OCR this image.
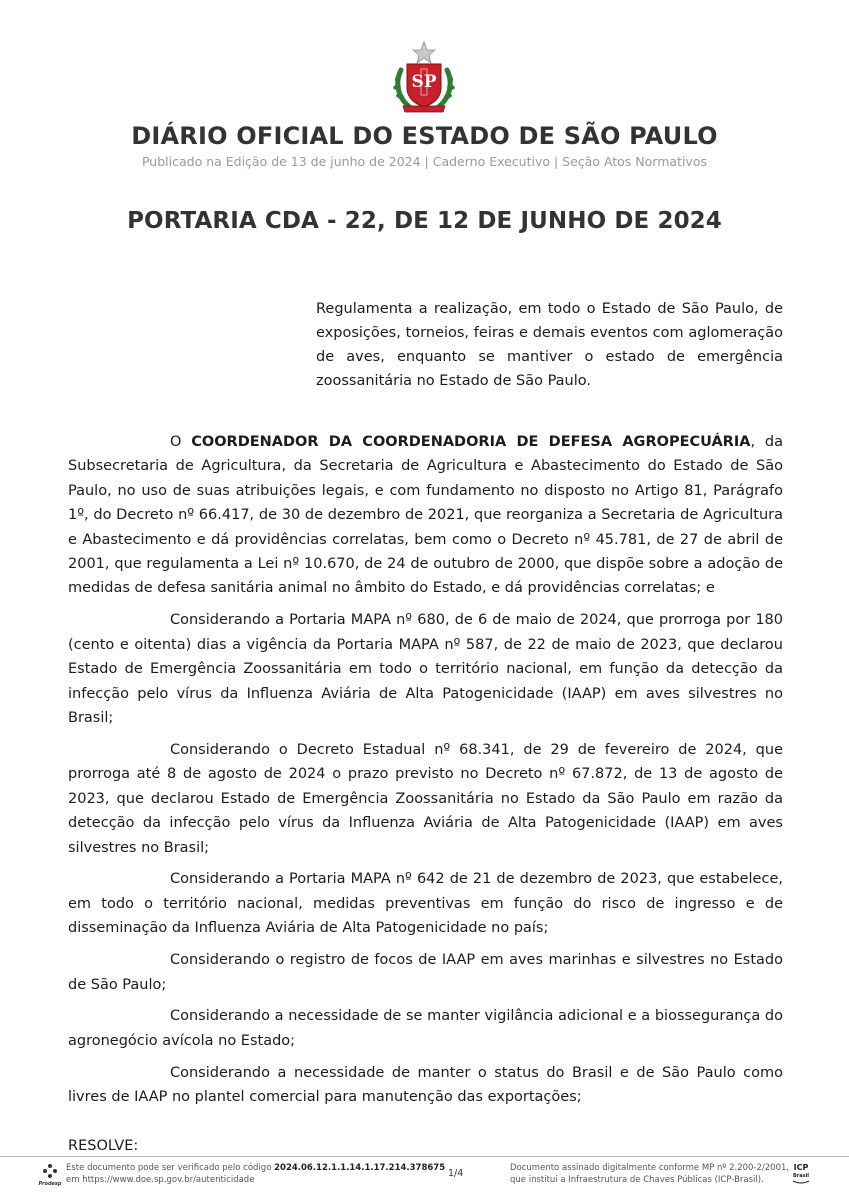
SP
DIÁRIO OFICIAL DO ESTADO DE SÃO PAULO
Publicado na Edição de 13 de junho de 2024 | Caderno Executivo | Seção Atos Normativos
PORTARIA CDA - 22, DE 12 DE JUNHO DE 2024
Regulamenta a realização, em todo o Estado de São Paulo, de exposições, torneios, feiras e demais eventos com aglomeração de aves, enquanto se mantiver o estado de emergência zoossanitária no Estado de São Paulo.

O COORDENADOR DA COORDENADORIA DE DEFESA AGROPECUÁRIA, da Subsecretaria de Agricultura, da Secretaria de Agricultura e Abastecimento do Estado de São Paulo, no uso de suas atribuições legais, e com fundamento no disposto no Artigo 81, Parágrafo 1º, do Decreto nº 66.417, de 30 de dezembro de 2021, que reorganiza a Secretaria de Agricultura e Abastecimento e dá providências correlatas, bem como o Decreto nº 45.781, de 27 de abril de 2001, que regulamenta a Lei nº 10.670, de 24 de outubro de 2000, que dispõe sobre a adoção de medidas de defesa sanitária animal no âmbito do Estado, e dá providências correlatas; e

Considerando a Portaria MAPA nº 680, de 6 de maio de 2024, que prorroga por 180 (cento e oitenta) dias a vigência da Portaria MAPA nº 587, de 22 de maio de 2023, que declarou Estado de Emergência Zoossanitária em todo o território nacional, em função da detecção da infecção pelo vírus da Influenza Aviária de Alta Patogenicidade (IAAP) em aves silvestres no Brasil;

Considerando o Decreto Estadual nº 68.341, de 29 de fevereiro de 2024, que prorroga até 8 de agosto de 2024 o prazo previsto no Decreto nº 67.872, de 13 de agosto de 2023, que declarou Estado de Emergência Zoossanitária no Estado da São Paulo em razão da detecção da infecção pelo vírus da Influenza Aviária de Alta Patogenicidade (IAAP) em aves silvestres no Brasil;

Considerando a Portaria MAPA nº 642 de 21 de dezembro de 2023, que estabelece, em todo o território nacional, medidas preventivas em função do risco de ingresso e de disseminação da Influenza Aviária de Alta Patogenicidade no país;

Considerando o registro de focos de IAAP em aves marinhas e silvestres no Estado de São Paulo;

Considerando a necessidade de se manter vigilância adicional e a biossegurança do agronegócio avícola no Estado;

Considerando a necessidade de manter o status do Brasil e de São Paulo como livres de IAAP no plantel comercial para manutenção das exportações;

RESOLVE:

Prodesp
Este documento pode ser verificado pelo código 2024.06.12.1.1.14.1.17.214.378675
em https://www.doe.sp.gov.br/autenticidade
1/4	Documento assinado digitalmente conforme MP nº 2.200-2/2001,
que institui a Infraestrutura de Chaves Públicas (ICP-Brasil).
ICP
Brasil
